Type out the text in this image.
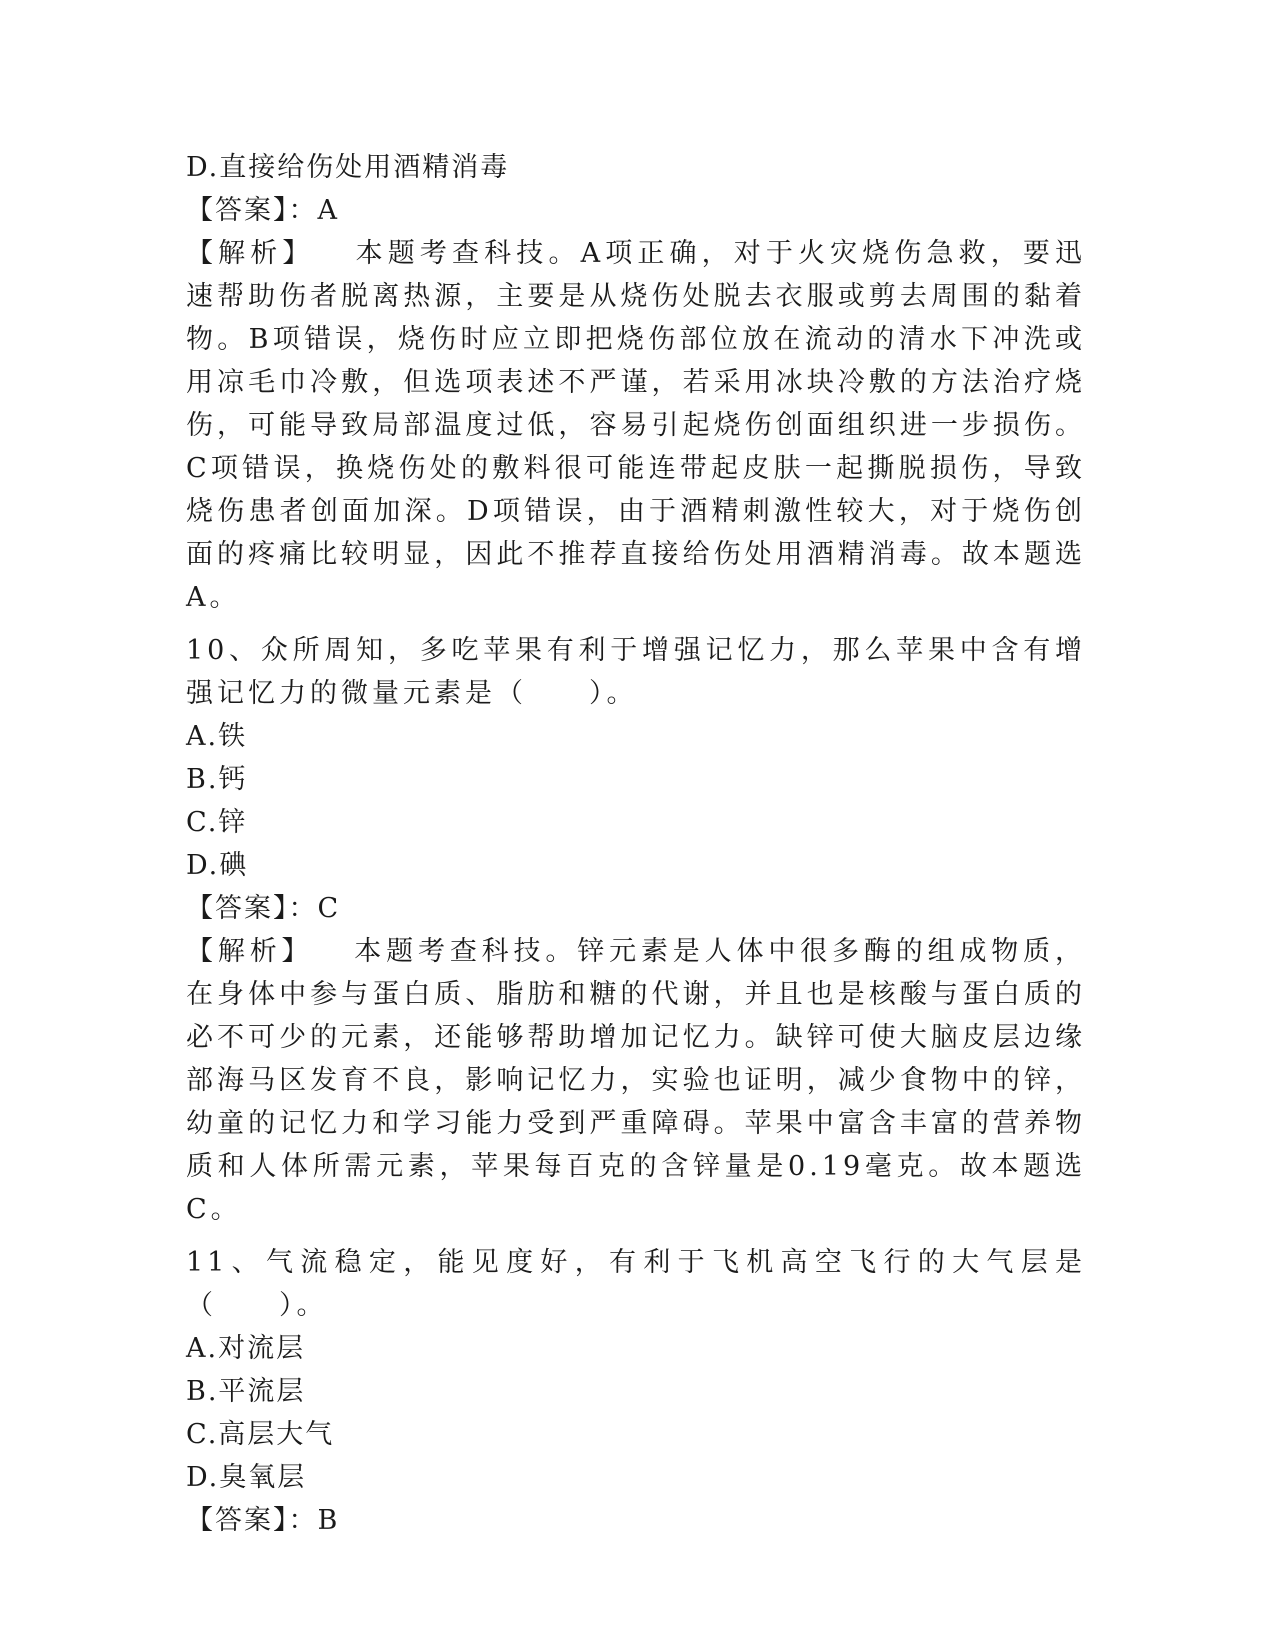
D.直接给伤处用酒精消毒
【答案】：A
【解析】 本题考查科技。A项正确，对于火灾烧伤急救，要迅速帮助伤者脱离热源，主要是从烧伤处脱去衣服或剪去周围的黏着物。B项错误，烧伤时应立即把烧伤部位放在流动的清水下冲洗或用凉毛巾冷敷，但选项表述不严谨，若采用冰块冷敷的方法治疗烧伤，可能导致局部温度过低，容易引起烧伤创面组织进一步损伤。C项错误，换烧伤处的敷料很可能连带起皮肤一起撕脱损伤，导致烧伤患者创面加深。D项错误，由于酒精刺激性较大，对于烧伤创面的疼痛比较明显，因此不推荐直接给伤处用酒精消毒。故本题选A。
10、众所周知，多吃苹果有利于增强记忆力，那么苹果中含有增强记忆力的微量元素是（　　）。
A.铁
B.钙
C.锌
D.碘
【答案】：C
【解析】 本题考查科技。锌元素是人体中很多酶的组成物质，在身体中参与蛋白质、脂肪和糖的代谢，并且也是核酸与蛋白质的必不可少的元素，还能够帮助增加记忆力。缺锌可使大脑皮层边缘部海马区发育不良，影响记忆力，实验也证明，减少食物中的锌，幼童的记忆力和学习能力受到严重障碍。苹果中富含丰富的营养物质和人体所需元素，苹果每百克的含锌量是0.19毫克。故本题选C。
11、气流稳定，能见度好，有利于飞机高空飞行的大气层是（　　）。
A.对流层
B.平流层
C.高层大气
D.臭氧层
【答案】：B
